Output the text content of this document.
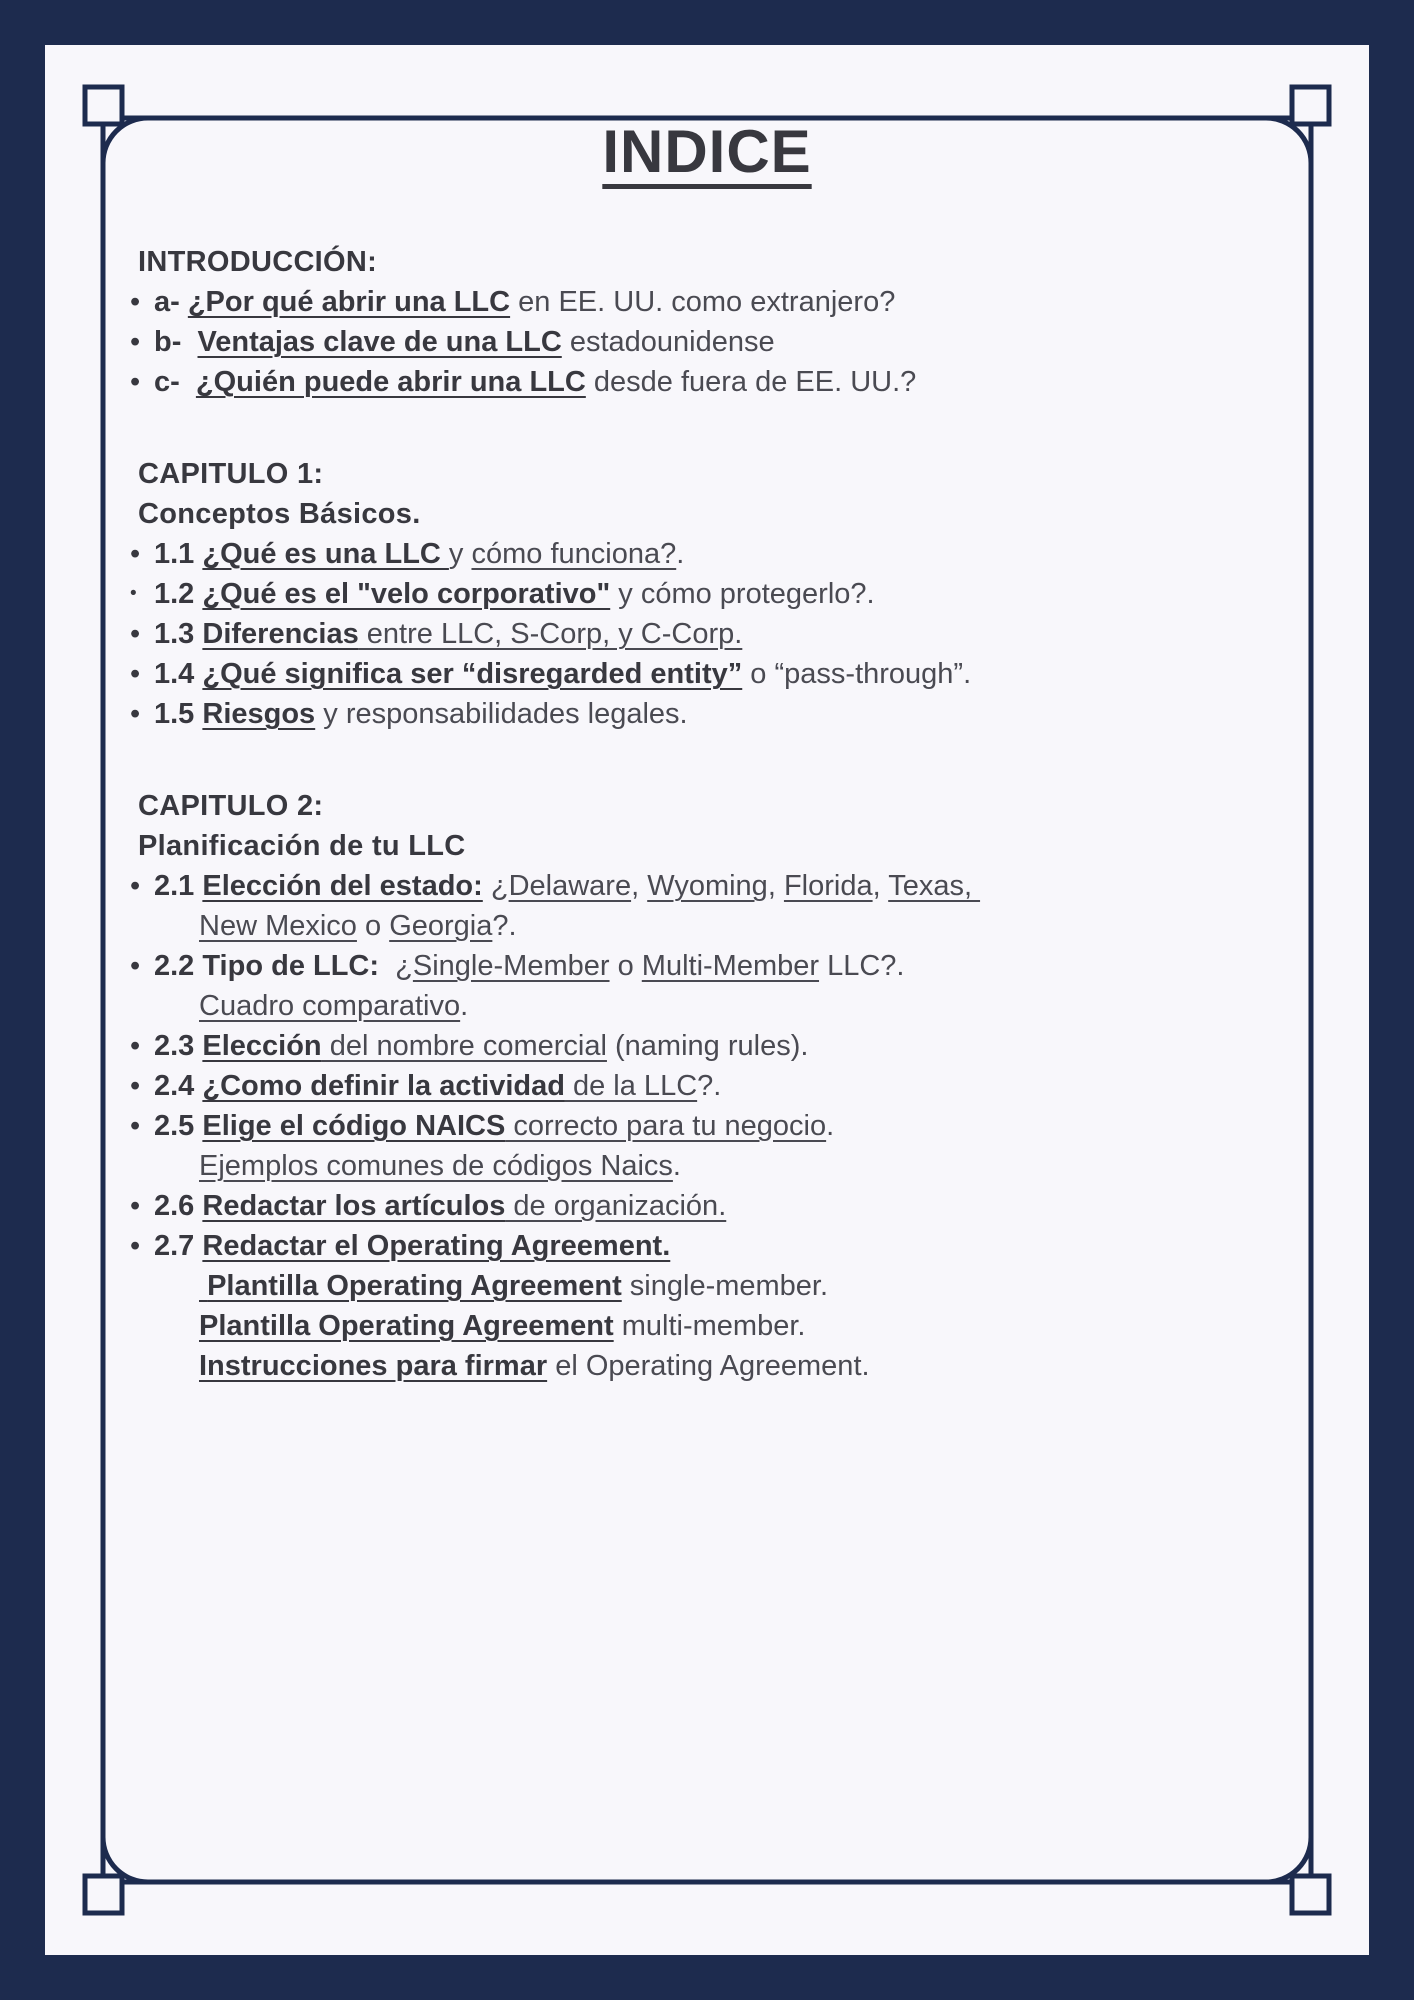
INDICE
INTRODUCCIÓN:
• a- ¿Por qué abrir una LLC en EE. UU. como extranjero?
• b-  Ventajas clave de una LLC estadounidense
• c-  ¿Quién puede abrir una LLC desde fuera de EE. UU.?
CAPITULO 1:
Conceptos Básicos.
• 1.1 ¿Qué es una LLC y cómo funciona?.
• 1.2 ¿Qué es el "velo corporativo" y cómo protegerlo?.
• 1.3 Diferencias entre LLC, S-Corp, y C-Corp.
• 1.4 ¿Qué significa ser “disregarded entity” o “pass-through”.
• 1.5 Riesgos y responsabilidades legales.
CAPITULO 2:
Planificación de tu LLC
• 2.1 Elección del estado: ¿Delaware, Wyoming, Florida, Texas,
New Mexico o Georgia?.
• 2.2 Tipo de LLC:  ¿Single-Member o Multi-Member LLC?.
Cuadro comparativo.
• 2.3 Elección del nombre comercial (naming rules).
• 2.4 ¿Como definir la actividad de la LLC?.
• 2.5 Elige el código NAICS correcto para tu negocio.
Ejemplos comunes de códigos Naics.
• 2.6 Redactar los artículos de organización.
• 2.7 Redactar el Operating Agreement.
Plantilla Operating Agreement single-member.
Plantilla Operating Agreement multi-member.
Instrucciones para firmar el Operating Agreement.
